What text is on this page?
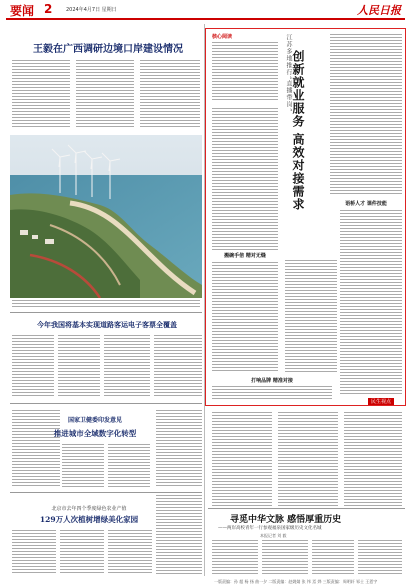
要闻 2	2024年4月7日 星期日	人民日报
王毅在广西调研边境口岸建设情况
今年我国将基本实现道路客运电子客票全覆盖
国家卫健委印发意见
推进城市全域数字化转型
北京市去年四个季度绿色农业产值
129万人次植树增绿美化家园
核心阅读	江苏多地推行“直播带岗” 创新就业服务 高效对接需求
搬碗手倍 精对无缝
语桥人才 课件技能
打响品牌 精准对接
民生视点
寻觅中华文脉 感悟厚重历史
——两岸高校青年一行参观福泉国家级历史文化名城
本报记者 刘 毅
一版责编：孙 超 杨 扬 曲一夕 二版责编：赵姚婧 张 纬 焉 烨 三版责编：周明轩 邹士 王恩宇
